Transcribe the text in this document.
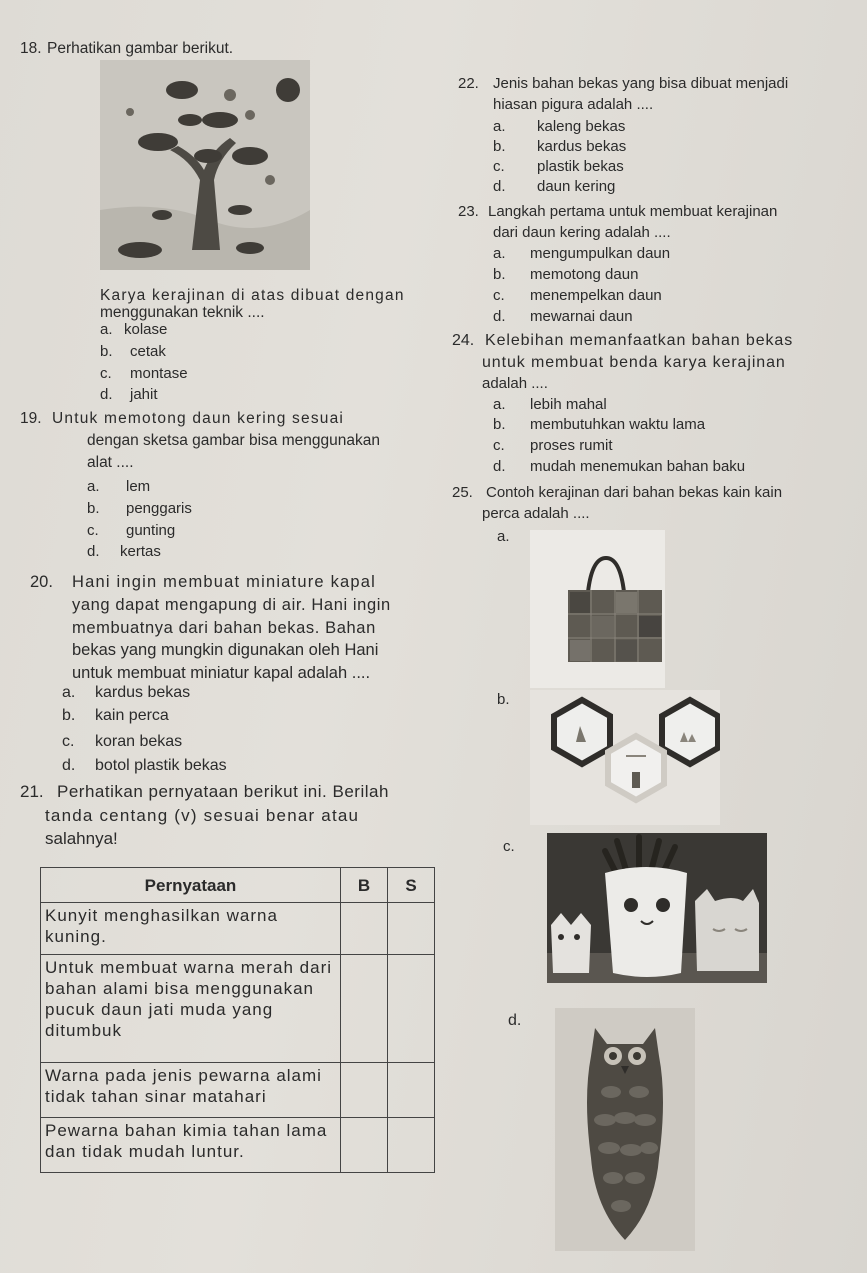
18. Perhatikan gambar berikut.
Karya kerajinan di atas dibuat dengan
menggunakan teknik ....
a. kolase
b. cetak
c. montase
d. jahit
19. Untuk memotong daun kering sesuai
dengan sketsa gambar bisa menggunakan
alat ....
a. lem
b. penggaris
c. gunting
d. kertas
20. Hani ingin membuat miniature kapal
yang dapat mengapung di air. Hani ingin
membuatnya dari bahan bekas. Bahan
bekas yang mungkin digunakan oleh Hani
untuk membuat miniatur kapal adalah ....
a. kardus bekas
b. kain perca
c. koran bekas
d. botol plastik bekas
21. Perhatikan pernyataan berikut ini. Berilah
tanda centang (v) sesuai benar atau
salahnya!
Pernyataan	B	S
Kunyit menghasilkan warna kuning.		
Untuk membuat warna merah dari bahan alami bisa menggunakan pucuk daun jati muda yang ditumbuk		
Warna pada jenis pewarna alami tidak tahan sinar matahari		
Pewarna bahan kimia tahan lama dan tidak mudah luntur.		
22. Jenis bahan bekas yang bisa dibuat menjadi
hiasan pigura adalah ....
a. kaleng bekas
b. kardus bekas
c. plastik bekas
d. daun kering
23. Langkah pertama untuk membuat kerajinan
dari daun kering adalah ....
a. mengumpulkan daun
b. memotong daun
c. menempelkan daun
d. mewarnai daun
24. Kelebihan memanfaatkan bahan bekas
untuk membuat benda karya kerajinan
adalah ....
a. lebih mahal
b. membutuhkan waktu lama
c. proses rumit
d. mudah menemukan bahan baku
25. Contoh kerajinan dari bahan bekas kain kain
perca adalah ....
a.
b.
c.
d.
